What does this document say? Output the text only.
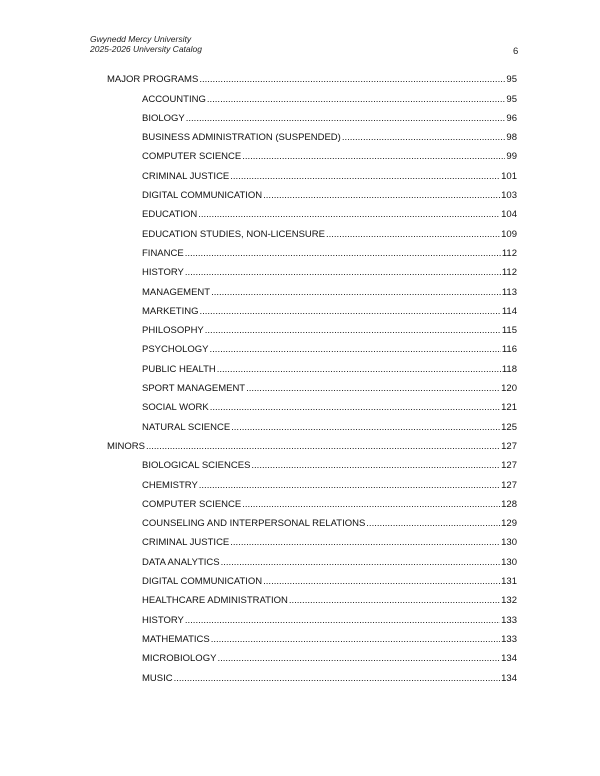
Gwynedd Mercy University
2025-2026 University Catalog	6
MAJOR PROGRAMS .....	95
ACCOUNTING .....	95
BIOLOGY .....	96
BUSINESS ADMINISTRATION (SUSPENDED) .....	98
COMPUTER SCIENCE .....	99
CRIMINAL JUSTICE .....	101
DIGITAL COMMUNICATION .....	103
EDUCATION .....	104
EDUCATION STUDIES, NON-LICENSURE .....	109
FINANCE .....	112
HISTORY .....	112
MANAGEMENT .....	113
MARKETING .....	114
PHILOSOPHY .....	115
PSYCHOLOGY .....	116
PUBLIC HEALTH .....	118
SPORT MANAGEMENT .....	120
SOCIAL WORK .....	121
NATURAL SCIENCE .....	125
MINORS .....	127
BIOLOGICAL SCIENCES .....	127
CHEMISTRY .....	127
COMPUTER SCIENCE .....	128
COUNSELING AND INTERPERSONAL RELATIONS .....	129
CRIMINAL JUSTICE .....	130
DATA ANALYTICS .....	130
DIGITAL COMMUNICATION .....	131
HEALTHCARE ADMINISTRATION .....	132
HISTORY .....	133
MATHEMATICS .....	133
MICROBIOLOGY .....	134
MUSIC .....	134
